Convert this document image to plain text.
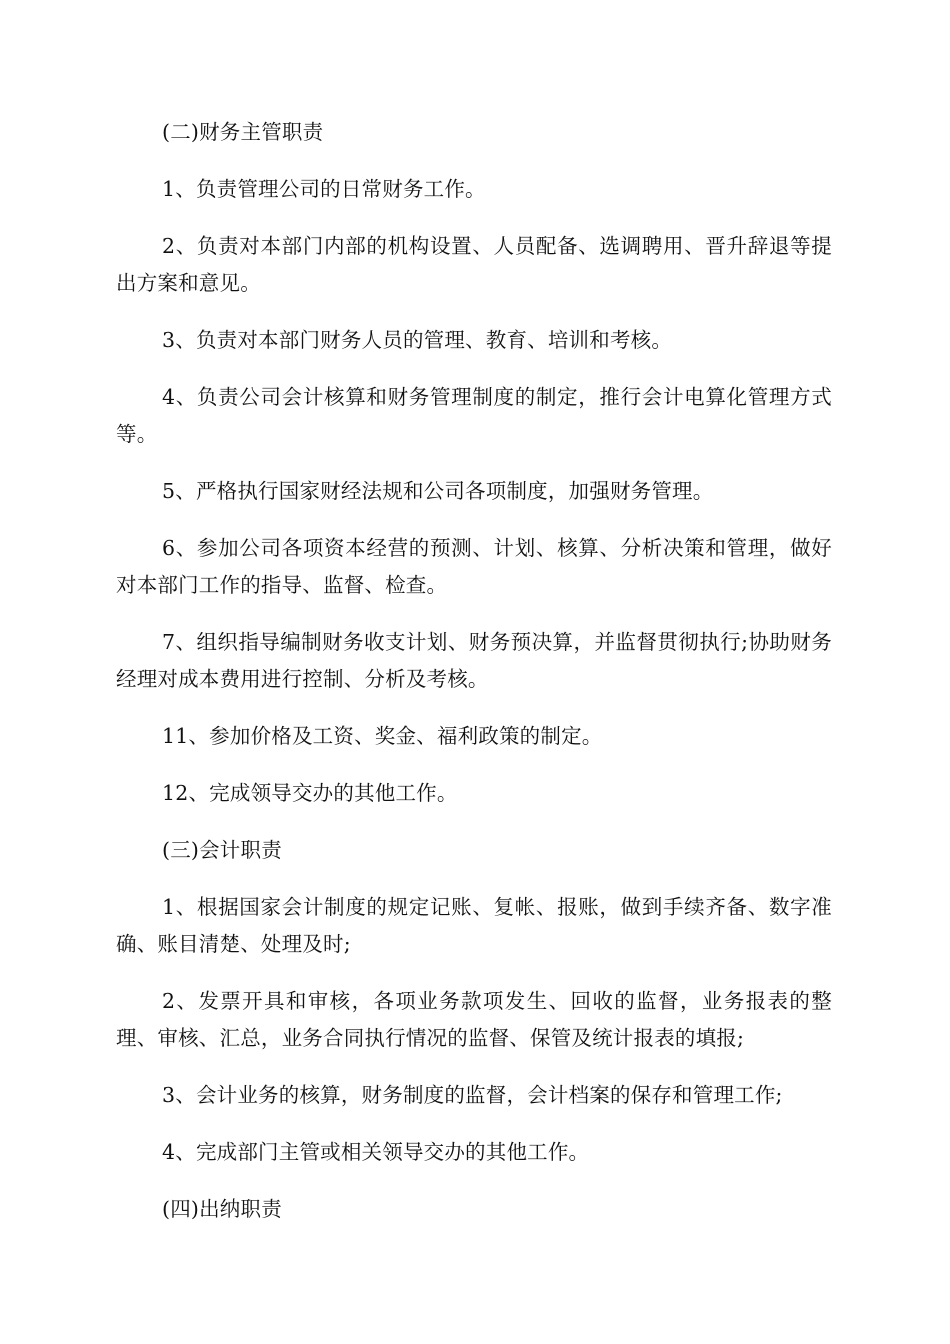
(二)财务主管职责

1、负责管理公司的日常财务工作。

2、负责对本部门内部的机构设置、人员配备、选调聘用、晋升辞退等提出方案和意见。

3、负责对本部门财务人员的管理、教育、培训和考核。

4、负责公司会计核算和财务管理制度的制定，推行会计电算化管理方式等。

5、严格执行国家财经法规和公司各项制度，加强财务管理。

6、参加公司各项资本经营的预测、计划、核算、分析决策和管理，做好对本部门工作的指导、监督、检查。

7、组织指导编制财务收支计划、财务预决算，并监督贯彻执行;协助财务经理对成本费用进行控制、分析及考核。

11、参加价格及工资、奖金、福利政策的制定。

12、完成领导交办的其他工作。

(三)会计职责

1、根据国家会计制度的规定记账、复帐、报账，做到手续齐备、数字准确、账目清楚、处理及时;

2、发票开具和审核，各项业务款项发生、回收的监督，业务报表的整理、审核、汇总，业务合同执行情况的监督、保管及统计报表的填报;

3、会计业务的核算，财务制度的监督，会计档案的保存和管理工作;

4、完成部门主管或相关领导交办的其他工作。

(四)出纳职责
